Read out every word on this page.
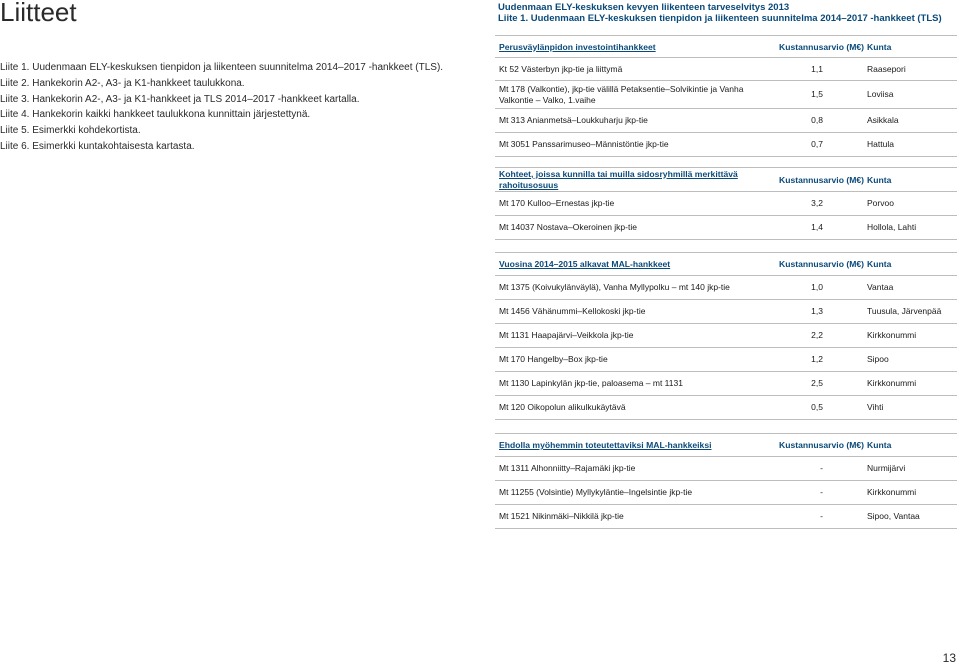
Liitteet	Uudenmaan ELY-keskuksen kevyen liikenteen tarveselvitys 2013
Liite 1. Uudenmaan ELY-keskuksen tienpidon ja liikenteen suunnitelma 2014–2017 -hankkeet (TLS)
Liite 1. Uudenmaan ELY-keskuksen tienpidon ja liikenteen suunnitelma 2014–2017 -hankkeet (TLS).
Liite 2. Hankekorin A2-, A3- ja K1-hankkeet taulukkona.
Liite 3. Hankekorin A2-, A3- ja K1-hankkeet ja TLS 2014–2017 -hankkeet kartalla.
Liite 4. Hankekorin kaikki hankkeet taulukkona kunnittain järjestettynä.
Liite 5. Esimerkki kohdekortista.
Liite 6. Esimerkki kuntakohtaisesta kartasta.
Perusväylänpidon investointihankkeet	Kustannusarvio (M€)	Kunta
Kt 52 Västerbyn jkp-tie ja liittymä	1,1	Raasepori

Mt 178 (Valkontie), jkp-tie välillä Petaksentie–Solvikintie ja Vanha
Valkontie – Valko, 1.vaihe	1,5	Loviisa
Mt 313 Anianmetsä–Loukkuharju jkp-tie	0,8	Asikkala
Mt 3051 Panssarimuseo–Männistöntie jkp-tie	0,7	Hattula
Kohteet, joissa kunnilla tai muilla sidosryhmillä merkittävä
rahoitusosuus	Kustannusarvio (M€)	Kunta
Mt 170 Kulloo–Ernestas jkp-tie	3,2	Porvoo
Mt 14037 Nostava–Okeroinen jkp-tie	1,4	Hollola, Lahti
Vuosina 2014–2015 alkavat MAL-hankkeet	Kustannusarvio (M€)	Kunta
Mt 1375 (Koivukylänväylä), Vanha Myllypolku – mt 140 jkp-tie	1,0	Vantaa
Mt 1456 Vähänummi–Kellokoski jkp-tie	1,3	Tuusula, Järvenpää
Mt 1131 Haapajärvi–Veikkola jkp-tie	2,2	Kirkkonummi
Mt 170 Hangelby–Box jkp-tie	1,2	Sipoo
Mt 1130 Lapinkylän jkp-tie, paloasema – mt 1131	2,5	Kirkkonummi
Mt 120 Oikopolun alikulkukäytävä	0,5	Vihti
Ehdolla myöhemmin toteutettaviksi MAL-hankkeiksi	Kustannusarvio (M€)	Kunta
Mt 1311 Alhonniitty–Rajamäki jkp-tie	-	Nurmijärvi
Mt 11255 (Volsintie) Myllykyläntie–Ingelsintie jkp-tie	-	Kirkkonummi
Mt 1521 Nikinmäki–Nikkilä jkp-tie	-	Sipoo, Vantaa
13
